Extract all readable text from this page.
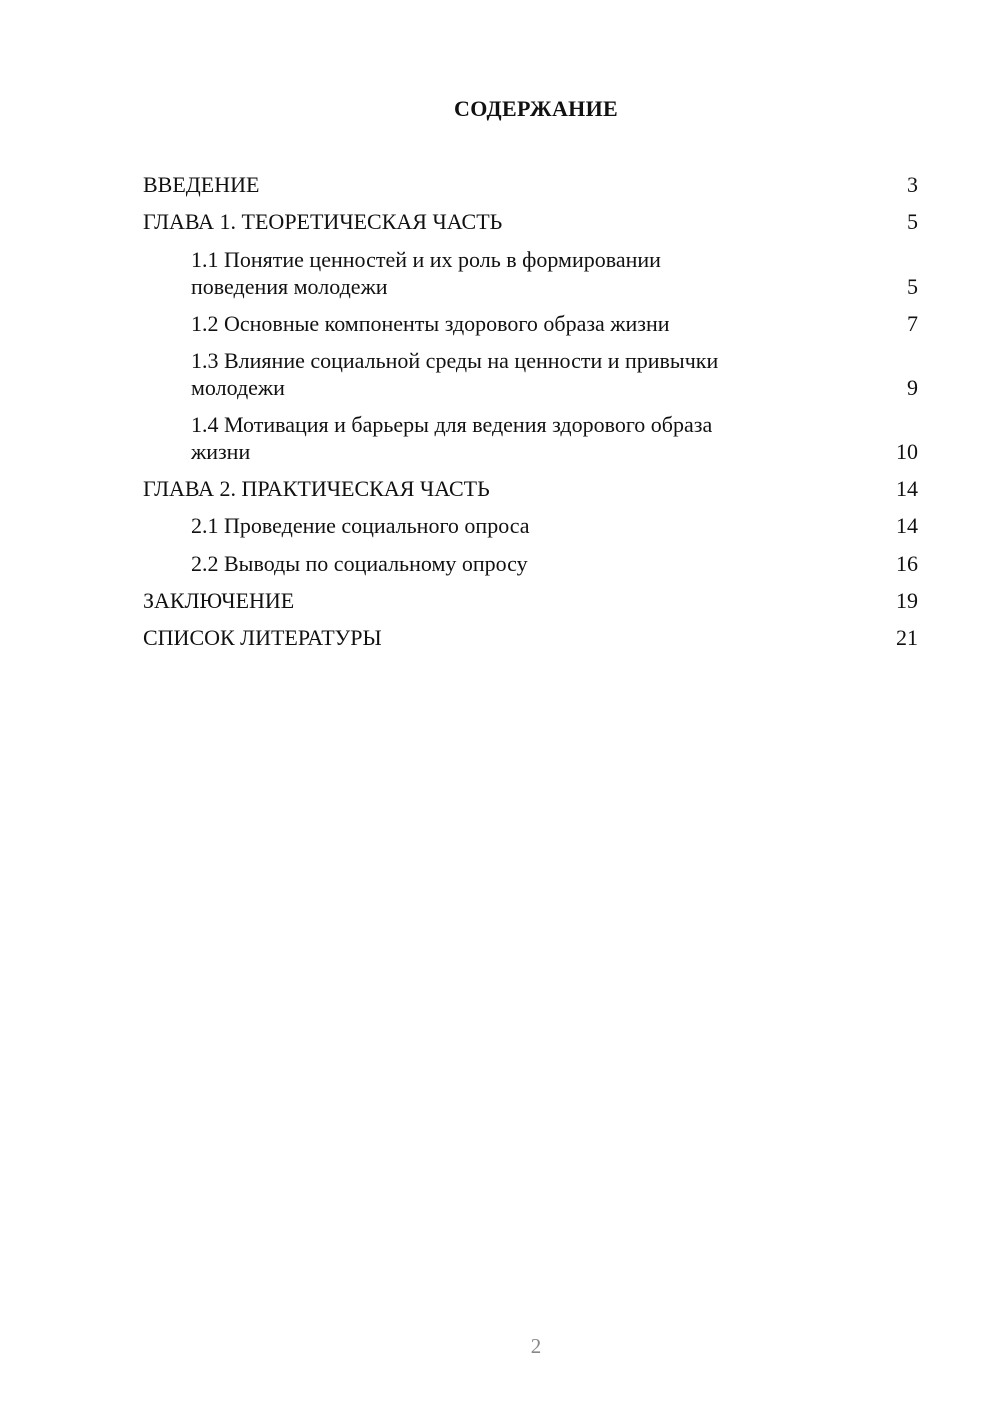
СОДЕРЖАНИЕ
ВВЕДЕНИЕ	3
ГЛАВА 1. ТЕОРЕТИЧЕСКАЯ ЧАСТЬ	5
1.1 Понятие ценностей и их роль в формировании
поведения молодежи	5
1.2 Основные компоненты здорового образа жизни	7
1.3 Влияние социальной среды на ценности и привычки
молодежи	9
1.4 Мотивация и барьеры для ведения здорового образа
жизни	10
ГЛАВА 2. ПРАКТИЧЕСКАЯ ЧАСТЬ	14
2.1 Проведение социального опроса	14
2.2 Выводы по социальному опросу	16
ЗАКЛЮЧЕНИЕ	19
СПИСОК ЛИТЕРАТУРЫ	21
2
